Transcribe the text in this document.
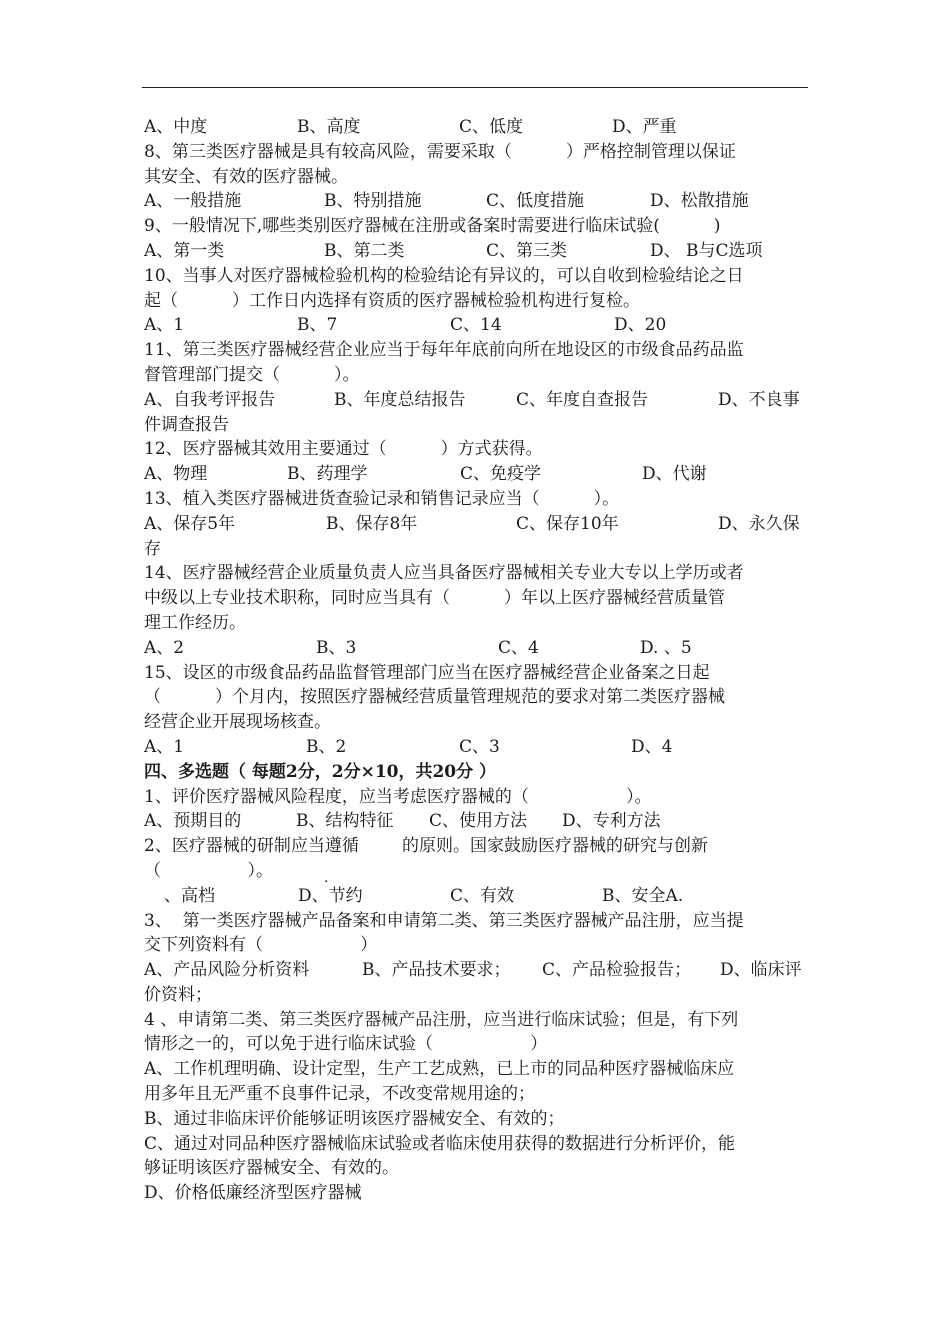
A、中度	B、高度	C、低度	D、严重
8、第三类医疗器械是具有较高风险，需要采取（          ）严格控制管理以保证
其安全、有效的医疗器械。
A、一般措施	B、特别措施	C、低度措施	D、松散措施
9、一般情况下,哪些类别医疗器械在注册或备案时需要进行临床试验(          )
A、第一类	B、第二类	C、第三类	D、 B与C选项
10、当事人对医疗器械检验机构的检验结论有异议的，可以自收到检验结论之日
起（          ）工作日内选择有资质的医疗器械检验机构进行复检。
A、1	B、7	C、14	D、20
11、第三类医疗器械经营企业应当于每年年底前向所在地设区的市级食品药品监
督管理部门提交（          ）。
A、自我考评报告	B、年度总结报告	C、年度自查报告	D、不良事
件调查报告
12、医疗器械其效用主要通过（          ）方式获得。
A、物理	B、药理学	C、免疫学	D、代谢
13、植入类医疗器械进货查验记录和销售记录应当（          ）。
A、保存5年	B、保存8年	C、保存10年	D、永久保
存
14、医疗器械经营企业质量负责人应当具备医疗器械相关专业大专以上学历或者
中级以上专业技术职称，同时应当具有（          ）年以上医疗器械经营质量管
理工作经历。
A、2	B、3	C、4	D. 、5
15、设区的市级食品药品监督管理部门应当在医疗器械经营企业备案之日起
（          ）个月内，按照医疗器械经营质量管理规范的要求对第二类医疗器械
经营企业开展现场核查。
A、1	B、2	C、3	D、4
四、多选题（ 每题2分，2分×10，共20分 ）
1、评价医疗器械风险程度，应当考虑医疗器械的（                  ）。
A、预期目的	B、结构特征	C、使用方法	D、专利方法
2、医疗器械的研制应当遵循        的原则。国家鼓励医疗器械的研究与创新
（                ）。
、高档	D、节约	C、有效	B、安全A.
3、  第一类医疗器械产品备案和申请第二类、第三类医疗器械产品注册，应当提
交下列资料有（                  ）
A、产品风险分析资料	B、产品技术要求；	C、产品检验报告；	D、临床评
价资料；
4 、申请第二类、第三类医疗器械产品注册，应当进行临床试验；但是，有下列
情形之一的，可以免于进行临床试验（                  ）
A、工作机理明确、设计定型，生产工艺成熟，已上市的同品种医疗器械临床应
用多年且无严重不良事件记录，不改变常规用途的；
B、通过非临床评价能够证明该医疗器械安全、有效的；
C、通过对同品种医疗器械临床试验或者临床使用获得的数据进行分析评价，能
够证明该医疗器械安全、有效的。
D、价格低廉经济型医疗器械
.
